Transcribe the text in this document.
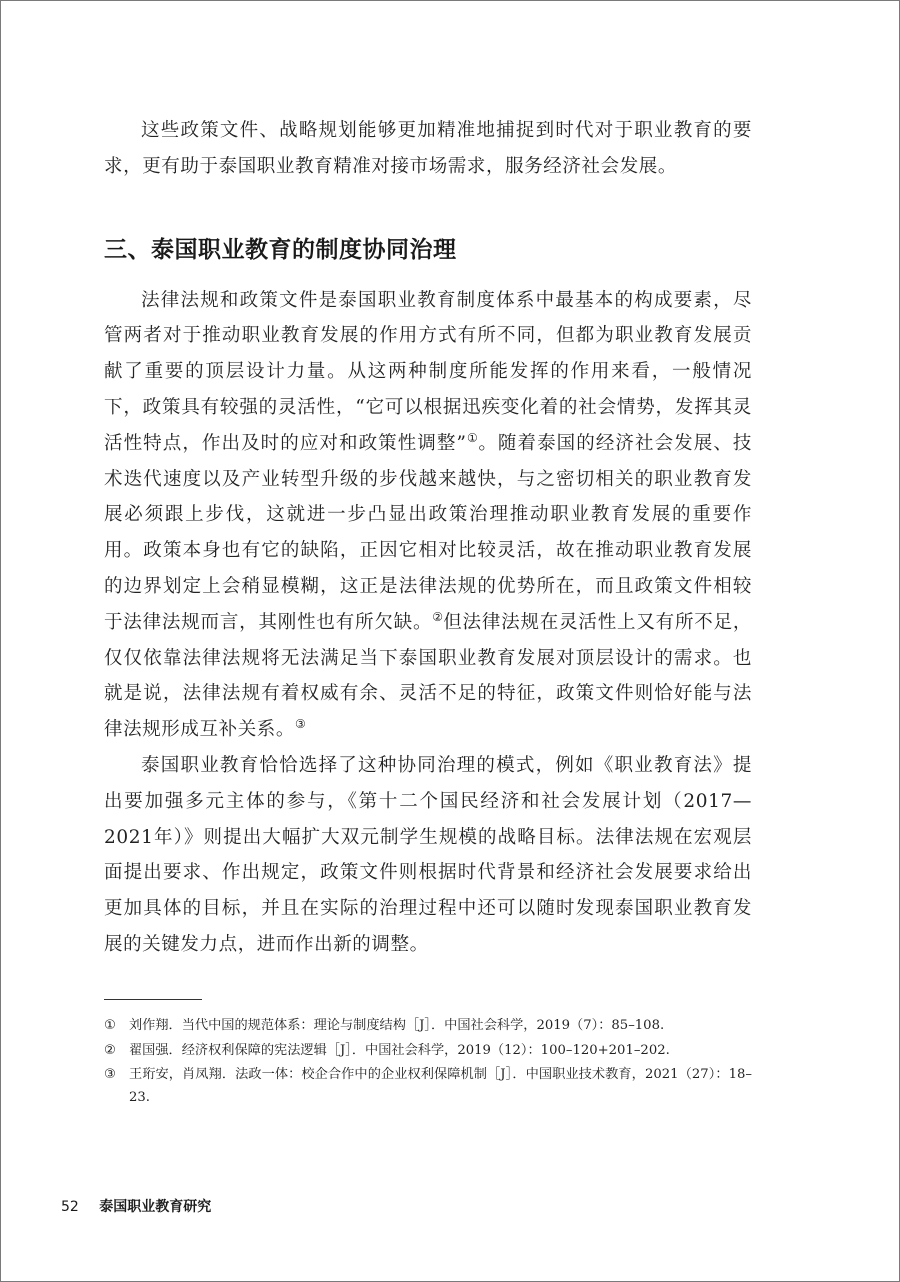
这些政策文件、战略规划能够更加精准地捕捉到时代对于职业教育的要求，更有助于泰国职业教育精准对接市场需求，服务经济社会发展。

三、泰国职业教育的制度协同治理

法律法规和政策文件是泰国职业教育制度体系中最基本的构成要素，尽管两者对于推动职业教育发展的作用方式有所不同，但都为职业教育发展贡献了重要的顶层设计力量。从这两种制度所能发挥的作用来看，一般情况下，政策具有较强的灵活性，“它可以根据迅疾变化着的社会情势，发挥其灵活性特点，作出及时的应对和政策性调整”①。随着泰国的经济社会发展、技术迭代速度以及产业转型升级的步伐越来越快，与之密切相关的职业教育发展必须跟上步伐，这就进一步凸显出政策治理推动职业教育发展的重要作用。政策本身也有它的缺陷，正因它相对比较灵活，故在推动职业教育发展的边界划定上会稍显模糊，这正是法律法规的优势所在，而且政策文件相较于法律法规而言，其刚性也有所欠缺。②但法律法规在灵活性上又有所不足，仅仅依靠法律法规将无法满足当下泰国职业教育发展对顶层设计的需求。也就是说，法律法规有着权威有余、灵活不足的特征，政策文件则恰好能与法律法规形成互补关系。③

泰国职业教育恰恰选择了这种协同治理的模式，例如《职业教育法》提出要加强多元主体的参与，《第十二个国民经济和社会发展计划（2017—2021年）》则提出大幅扩大双元制学生规模的战略目标。法律法规在宏观层面提出要求、作出规定，政策文件则根据时代背景和经济社会发展要求给出更加具体的目标，并且在实际的治理过程中还可以随时发现泰国职业教育发展的关键发力点，进而作出新的调整。

① 刘作翔．当代中国的规范体系：理论与制度结构［J］．中国社会科学，2019（7）：85–108.
② 翟国强．经济权利保障的宪法逻辑［J］．中国社会科学，2019（12）：100–120+201–202.
③ 王珩安，肖凤翔．法政一体：校企合作中的企业权利保障机制［J］．中国职业技术教育，2021（27）：18–23.
52 泰国职业教育研究
